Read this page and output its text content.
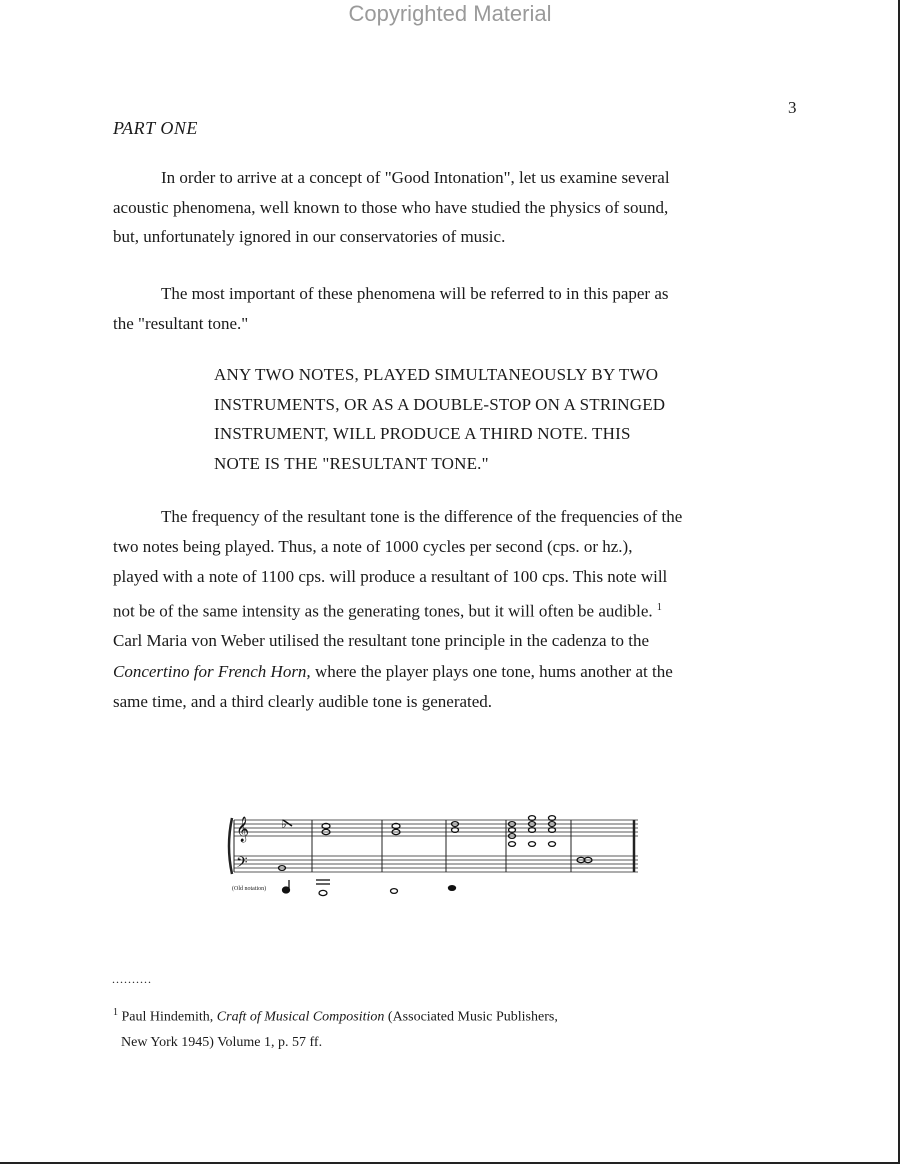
Copyrighted Material
3
PART ONE
In order to arrive at a concept of "Good Intonation", let us examine several
acoustic phenomena, well known to those who have studied the physics of sound,
but, unfortunately ignored in our conservatories of music.
The most important of these phenomena will be referred to in this paper as
the "resultant tone."
ANY TWO NOTES, PLAYED SIMULTANEOUSLY BY TWO
INSTRUMENTS, OR AS A DOUBLE-STOP ON A STRINGED
INSTRUMENT, WILL PRODUCE A THIRD NOTE. THIS
NOTE IS THE "RESULTANT TONE."
The frequency of the resultant tone is the difference of the frequencies of the
two notes being played. Thus, a note of 1000 cycles per second (cps. or hz.),
played with a note of 1100 cps. will produce a resultant of 100 cps. This note will
not be of the same intensity as the generating tones, but it will often be audible. $^1$
Carl Maria von Weber utilised the resultant tone principle in the cadenza to the
Concertino for French Horn, where the player plays one tone, hums another at the
same time, and a third clearly audible tone is generated.
𝄞
𝄢
♭
(Old notation)
..........
$^1$ Paul Hindemith, Craft of Musical Composition (Associated Music Publishers,
New York 1945) Volume 1, p. 57 ff.
